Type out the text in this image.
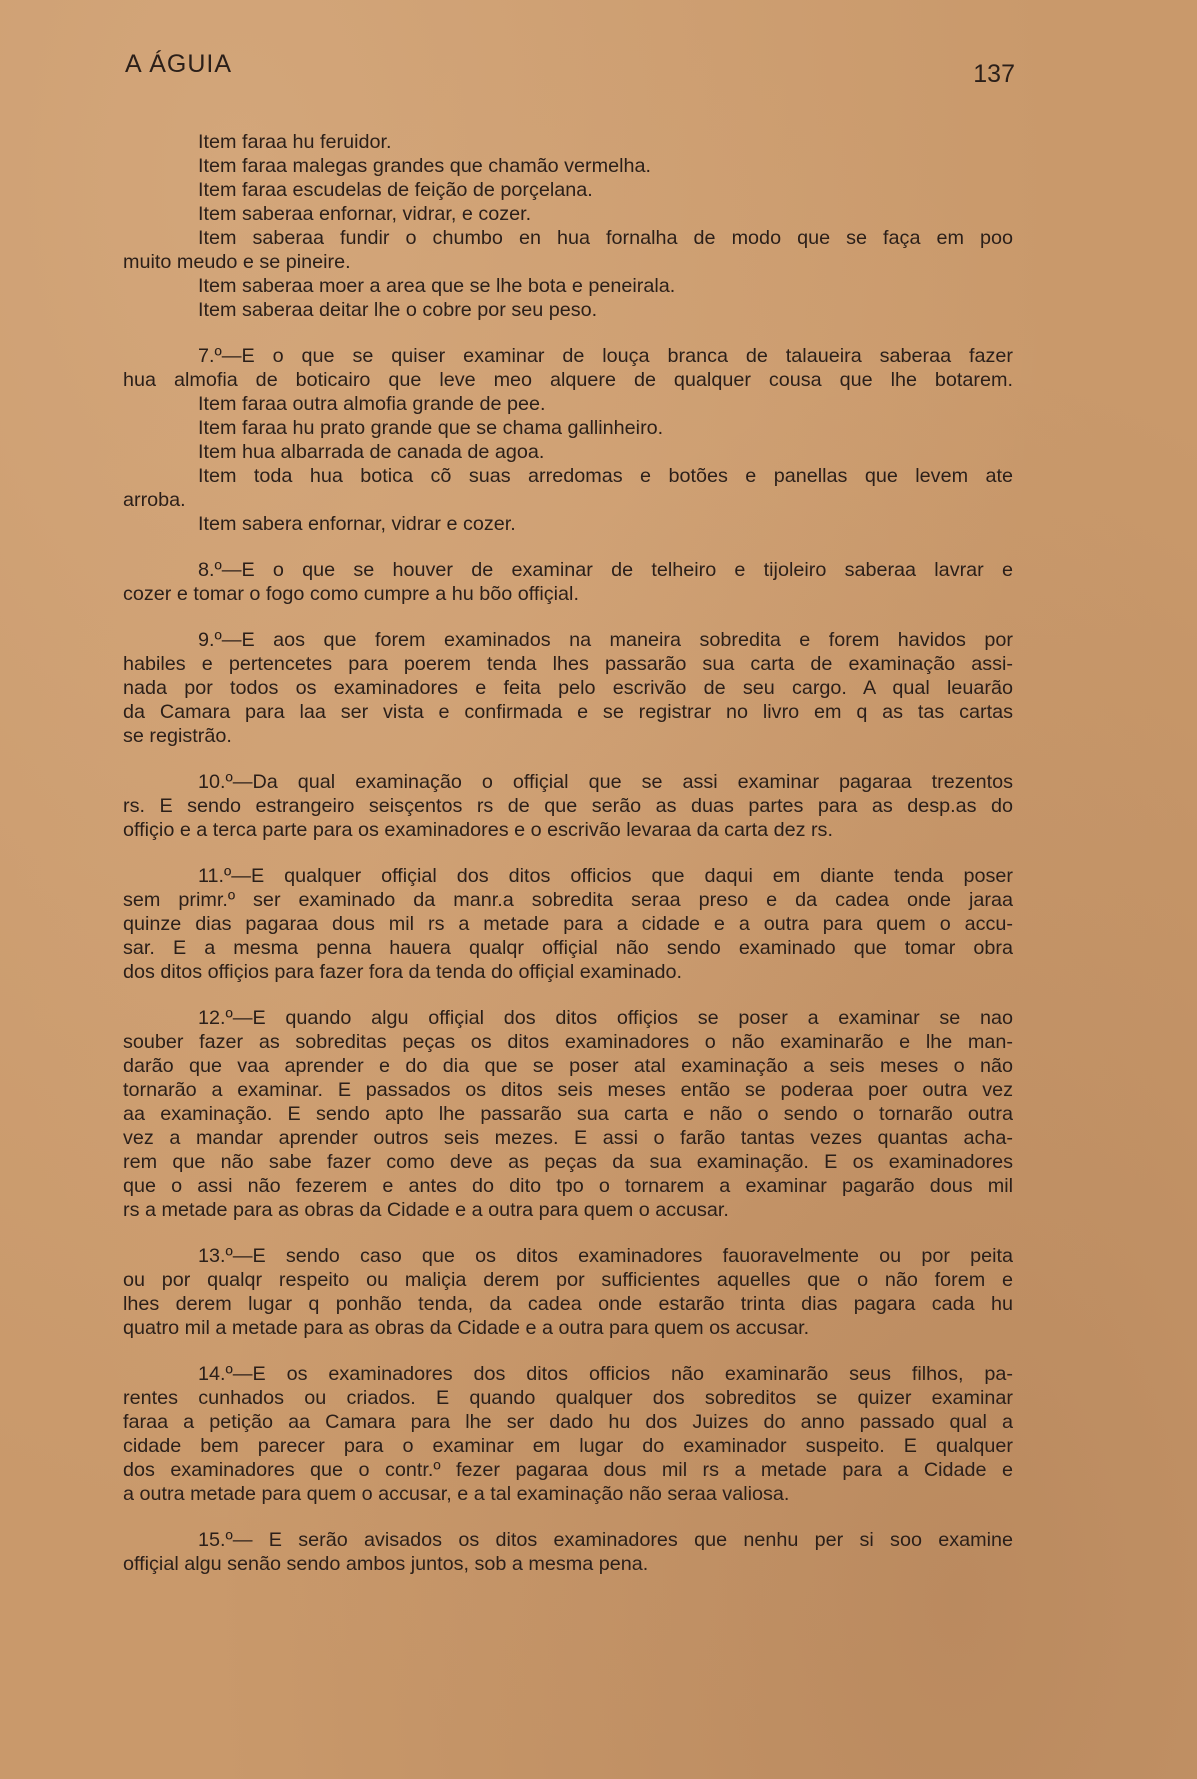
A ÁGUIA	137
Item faraa hu feruidor.
Item faraa malegas grandes que chamão vermelha.
Item faraa escudelas de feição de porçelana.
Item saberaa enfornar, vidrar, e cozer.
Item saberaa fundir o chumbo en hua fornalha de modo que se faça em poo
muito meudo e se pineire.
Item saberaa moer a area que se lhe bota e peneirala.
Item saberaa deitar lhe o cobre por seu peso.
7.º—E o que se quiser examinar de louça branca de talaueira saberaa fazer
hua almofia de boticairo que leve meo alquere de qualquer cousa que lhe botarem.
Item faraa outra almofia grande de pee.
Item faraa hu prato grande que se chama gallinheiro.
Item hua albarrada de canada de agoa.
Item toda hua botica cõ suas arredomas e botões e panellas que levem ate
arroba.
Item sabera enfornar, vidrar e cozer.
8.º—E o que se houver de examinar de telheiro e tijoleiro saberaa lavrar e
cozer e tomar o fogo como cumpre a hu bõo offiçial.
9.º—E aos que forem examinados na maneira sobredita e forem havidos por
habiles e pertencetes para poerem tenda lhes passarão sua carta de examinação assi-
nada por todos os examinadores e feita pelo escrivão de seu cargo. A qual leuarão
da Camara para laa ser vista e confirmada e se registrar no livro em q as tas cartas
se registrão.
10.º—Da qual examinação o offiçial que se assi examinar pagaraa trezentos
rs. E sendo estrangeiro seisçentos rs de que serão as duas partes para as desp.as do
offiçio e a terca parte para os examinadores e o escrivão levaraa da carta dez rs.
11.º—E qualquer offiçial dos ditos officios que daqui em diante tenda poser
sem primr.º ser examinado da manr.a sobredita seraa preso e da cadea onde jaraa
quinze dias pagaraa dous mil rs a metade para a cidade e a outra para quem o accu-
sar. E a mesma penna hauera qualqr offiçial não sendo examinado que tomar obra
dos ditos offiçios para fazer fora da tenda do offiçial examinado.
12.º—E quando algu offiçial dos ditos offiçios se poser a examinar se nao
souber fazer as sobreditas peças os ditos examinadores o não examinarão e lhe man-
darão que vaa aprender e do dia que se poser atal examinação a seis meses o não
tornarão a examinar. E passados os ditos seis meses então se poderaa poer outra vez
aa examinação. E sendo apto lhe passarão sua carta e não o sendo o tornarão outra
vez a mandar aprender outros seis mezes. E assi o farão tantas vezes quantas acha-
rem que não sabe fazer como deve as peças da sua examinação. E os examinadores
que o assi não fezerem e antes do dito tpo o tornarem a examinar pagarão dous mil
rs a metade para as obras da Cidade e a outra para quem o accusar.
13.º—E sendo caso que os ditos examinadores fauoravelmente ou por peita
ou por qualqr respeito ou maliçia derem por sufficientes aquelles que o não forem e
lhes derem lugar q ponhão tenda, da cadea onde estarão trinta dias pagara cada hu
quatro mil a metade para as obras da Cidade e a outra para quem os accusar.
14.º—E os examinadores dos ditos officios não examinarão seus filhos, pa-
rentes cunhados ou criados. E quando qualquer dos sobreditos se quizer examinar
faraa a petição aa Camara para lhe ser dado hu dos Juizes do anno passado qual a
cidade bem parecer para o examinar em lugar do examinador suspeito. E qualquer
dos examinadores que o contr.º fezer pagaraa dous mil rs a metade para a Cidade e
a outra metade para quem o accusar, e a tal examinação não seraa valiosa.
15.º— E serão avisados os ditos examinadores que nenhu per si soo examine
offiçial algu senão sendo ambos juntos, sob a mesma pena.
